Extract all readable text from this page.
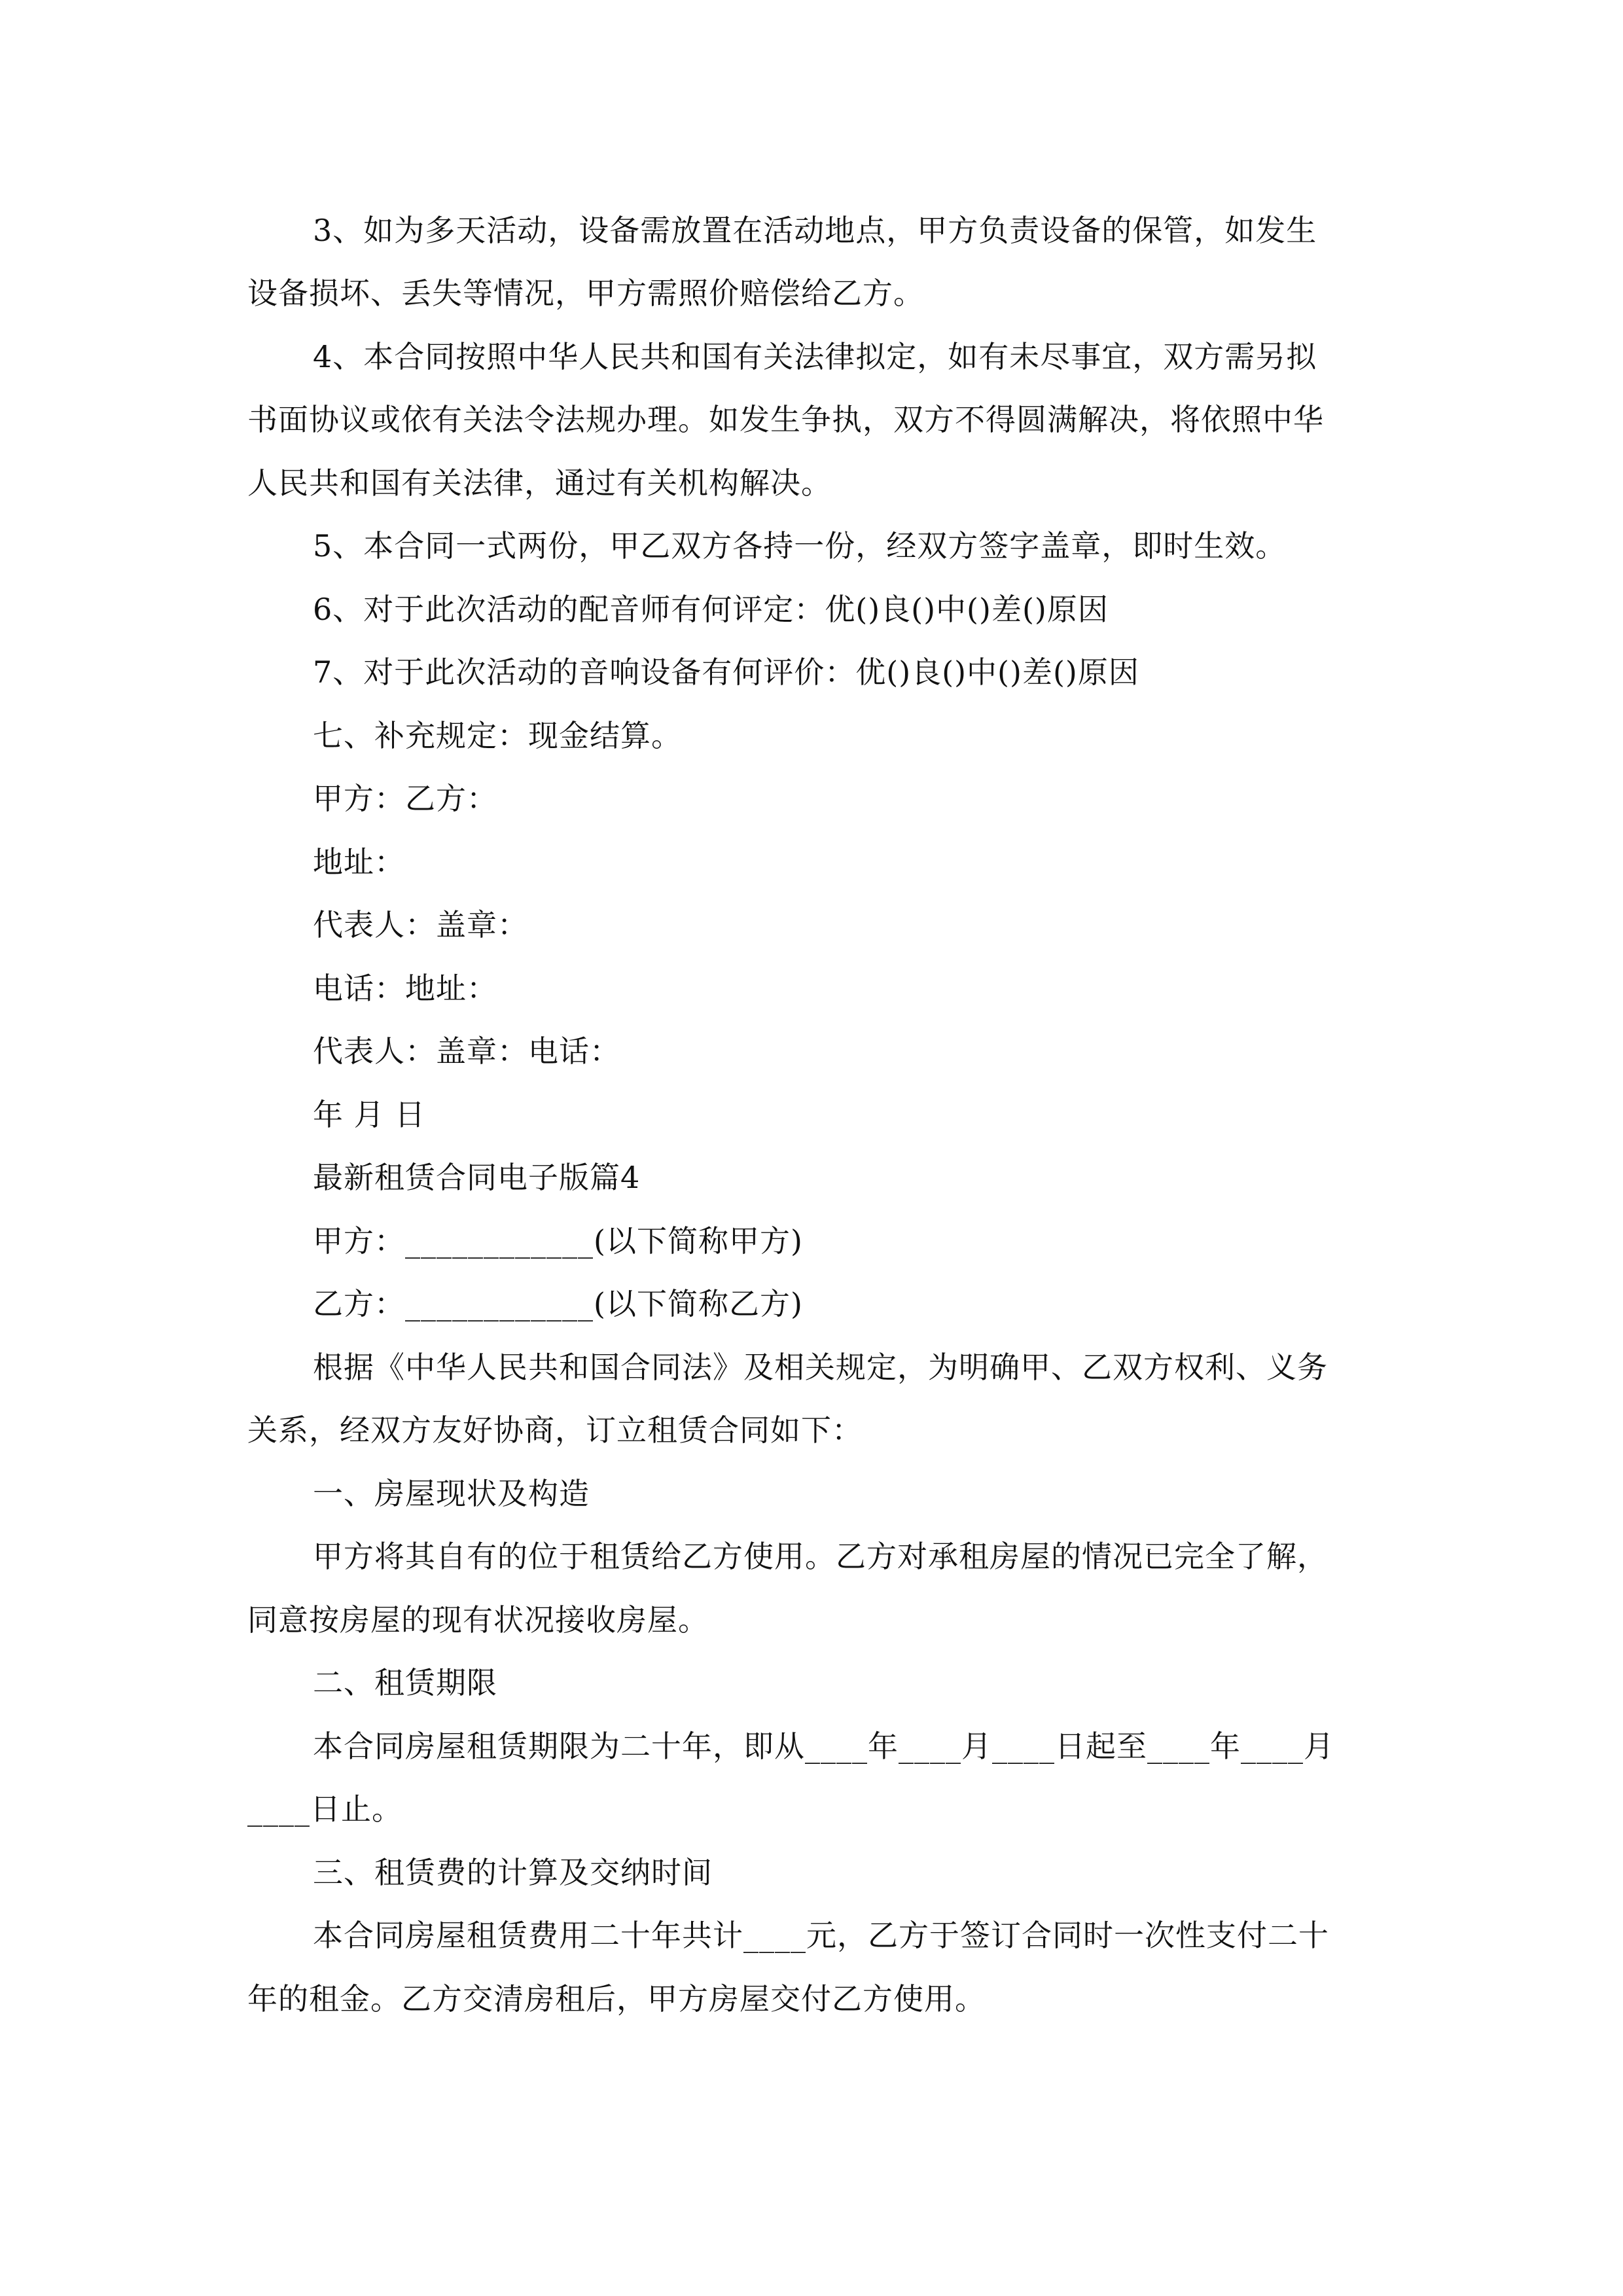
3、如为多天活动，设备需放置在活动地点，甲方负责设备的保管，如发生
设备损坏、丢失等情况，甲方需照价赔偿给乙方。
4、本合同按照中华人民共和国有关法律拟定，如有未尽事宜，双方需另拟
书面协议或依有关法令法规办理。如发生争执，双方不得圆满解决，将依照中华
人民共和国有关法律，通过有关机构解决。
5、本合同一式两份，甲乙双方各持一份，经双方签字盖章，即时生效。
6、对于此次活动的配音师有何评定：优()良()中()差()原因
7、对于此次活动的音响设备有何评价：优()良()中()差()原因
七、补充规定：现金结算。
甲方：乙方：
地址：
代表人：盖章：
电话：地址：
代表人：盖章：电话：
年 月 日
最新租赁合同电子版篇4
甲方：____________(以下简称甲方)
乙方：____________(以下简称乙方)
根据《中华人民共和国合同法》及相关规定，为明确甲、乙双方权利、义务
关系，经双方友好协商，订立租赁合同如下：
一、房屋现状及构造
甲方将其自有的位于租赁给乙方使用。乙方对承租房屋的情况已完全了解，
同意按房屋的现有状况接收房屋。
二、租赁期限
本合同房屋租赁期限为二十年，即从____年____月____日起至____年____月
____日止。
三、租赁费的计算及交纳时间
本合同房屋租赁费用二十年共计____元，乙方于签订合同时一次性支付二十
年的租金。乙方交清房租后，甲方房屋交付乙方使用。
